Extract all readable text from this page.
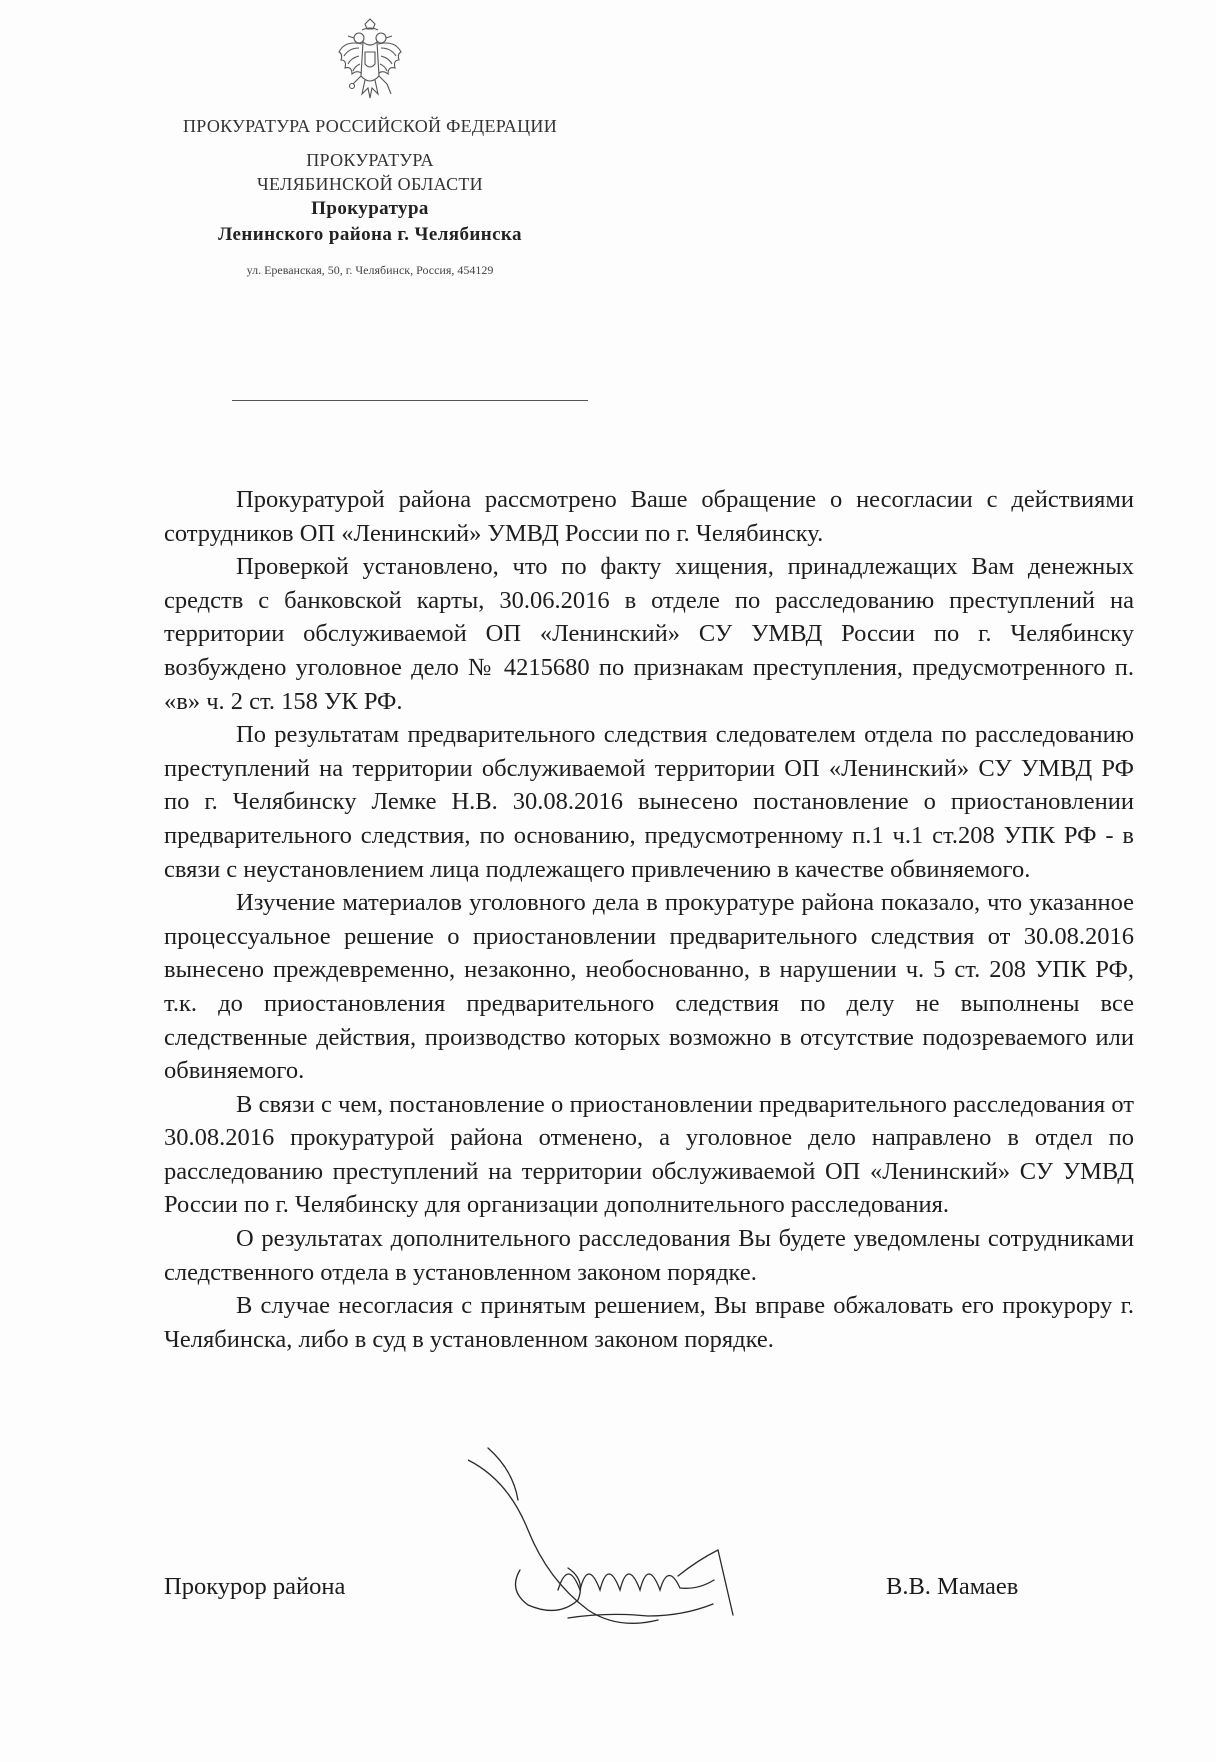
ПРОКУРАТУРА РОССИЙСКОЙ ФЕДЕРАЦИИ
ПРОКУРАТУРА
ЧЕЛЯБИНСКОЙ ОБЛАСТИ
Прокуратура
Ленинского района г. Челябинска
ул. Ереванская, 50, г. Челябинск, Россия, 454129

Прокуратурой района рассмотрено Ваше обращение о несогласии с действиями сотрудников ОП «Ленинский» УМВД России по г. Челябинску.

Проверкой установлено, что по факту хищения, принадлежащих Вам денежных средств с банковской карты, 30.06.2016 в отделе по расследованию преступлений на территории обслуживаемой ОП «Ленинский» СУ УМВД России по г. Челябинску возбуждено уголовное дело № 4215680 по признакам преступления, предусмотренного п. «в» ч. 2 ст. 158 УК РФ.

По результатам предварительного следствия следователем отдела по расследованию преступлений на территории обслуживаемой территории ОП «Ленинский» СУ УМВД РФ по г. Челябинску Лемке Н.В. 30.08.2016 вынесено постановление о приостановлении предварительного следствия, по основанию, предусмотренному п.1 ч.1 ст.208 УПК РФ - в связи с неустановлением лица подлежащего привлечению в качестве обвиняемого.

Изучение материалов уголовного дела в прокуратуре района показало, что указанное процессуальное решение о приостановлении предварительного следствия от 30.08.2016 вынесено преждевременно, незаконно, необоснованно, в нарушении ч. 5 ст. 208 УПК РФ, т.к. до приостановления предварительного следствия по делу не выполнены все следственные действия, производство которых возможно в отсутствие подозреваемого или обвиняемого.

В связи с чем, постановление о приостановлении предварительного расследования от 30.08.2016 прокуратурой района отменено, а уголовное дело направлено в отдел по расследованию преступлений на территории обслуживаемой ОП «Ленинский» СУ УМВД России по г. Челябинску для организации дополнительного расследования.

О результатах дополнительного расследования Вы будете уведомлены сотрудниками следственного отдела в установленном законом порядке.

В случае несогласия с принятым решением, Вы вправе обжаловать его прокурору г. Челябинска, либо в суд в установленном законом порядке.

Прокурор района	В.В. Мамаев
